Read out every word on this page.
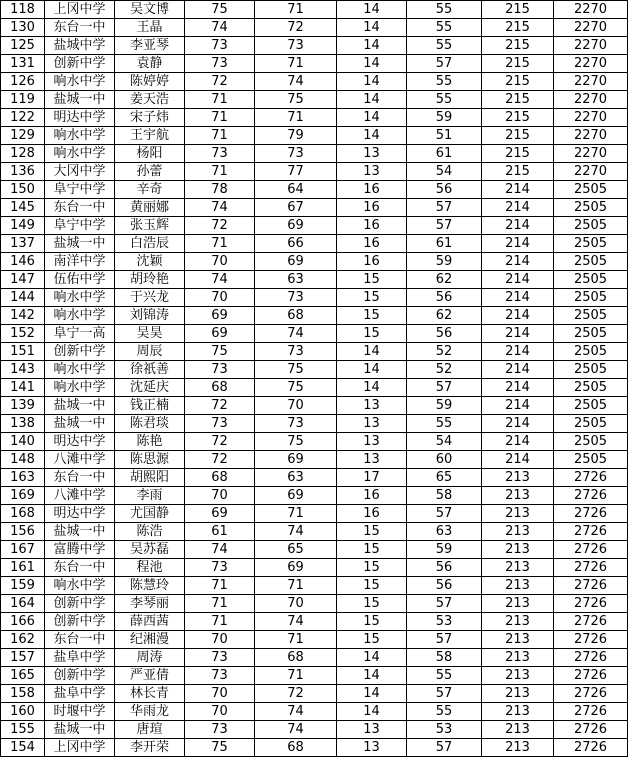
118	上冈中学	吴文博	75	71	14	55	215	2270
130	东台一中	王晶	74	72	14	55	215	2270
125	盐城中学	李亚琴	73	73	14	55	215	2270
131	创新中学	袁静	73	71	14	57	215	2270
126	响水中学	陈婷婷	72	74	14	55	215	2270
119	盐城一中	姜天浩	71	75	14	55	215	2270
122	明达中学	宋子炜	71	71	14	59	215	2270
129	响水中学	王宇航	71	79	14	51	215	2270
128	响水中学	杨阳	73	73	13	61	215	2270
136	大冈中学	孙蕾	71	77	13	54	215	2270
150	阜宁中学	辛奇	78	64	16	56	214	2505
145	东台一中	黄丽娜	74	67	16	57	214	2505
149	阜宁中学	张玉辉	72	69	16	57	214	2505
137	盐城一中	白浩辰	71	66	16	61	214	2505
146	南洋中学	沈颖	70	69	16	59	214	2505
147	伍佑中学	胡玲艳	74	63	15	62	214	2505
144	响水中学	于兴龙	70	73	15	56	214	2505
142	响水中学	刘锦涛	69	68	15	62	214	2505
152	阜宁一高	吴昊	69	74	15	56	214	2505
151	创新中学	周辰	75	73	14	52	214	2505
143	响水中学	徐祇善	73	75	14	52	214	2505
141	响水中学	沈延庆	68	75	14	57	214	2505
139	盐城一中	钱正楠	72	70	13	59	214	2505
138	盐城一中	陈君琰	73	73	13	55	214	2505
140	明达中学	陈艳	72	75	13	54	214	2505
148	八滩中学	陈思源	72	69	13	60	214	2505
163	东台一中	胡熙阳	68	63	17	65	213	2726
169	八滩中学	李雨	70	69	16	58	213	2726
168	明达中学	尤国静	69	71	16	57	213	2726
156	盐城一中	陈浩	61	74	15	63	213	2726
167	富腾中学	吴苏磊	74	65	15	59	213	2726
161	东台一中	程池	73	69	15	56	213	2726
159	响水中学	陈慧玲	71	71	15	56	213	2726
164	创新中学	李琴丽	71	70	15	57	213	2726
166	创新中学	薛西茜	71	74	15	53	213	2726
162	东台一中	纪湘漫	70	71	15	57	213	2726
157	盐阜中学	周涛	73	68	14	58	213	2726
165	创新中学	严亚倩	73	71	14	55	213	2726
158	盐阜中学	林长青	70	72	14	57	213	2726
160	时堰中学	华雨龙	70	74	14	55	213	2726
155	盐城一中	唐瑄	73	74	13	53	213	2726
154	上冈中学	李开荣	75	68	13	57	213	2726
